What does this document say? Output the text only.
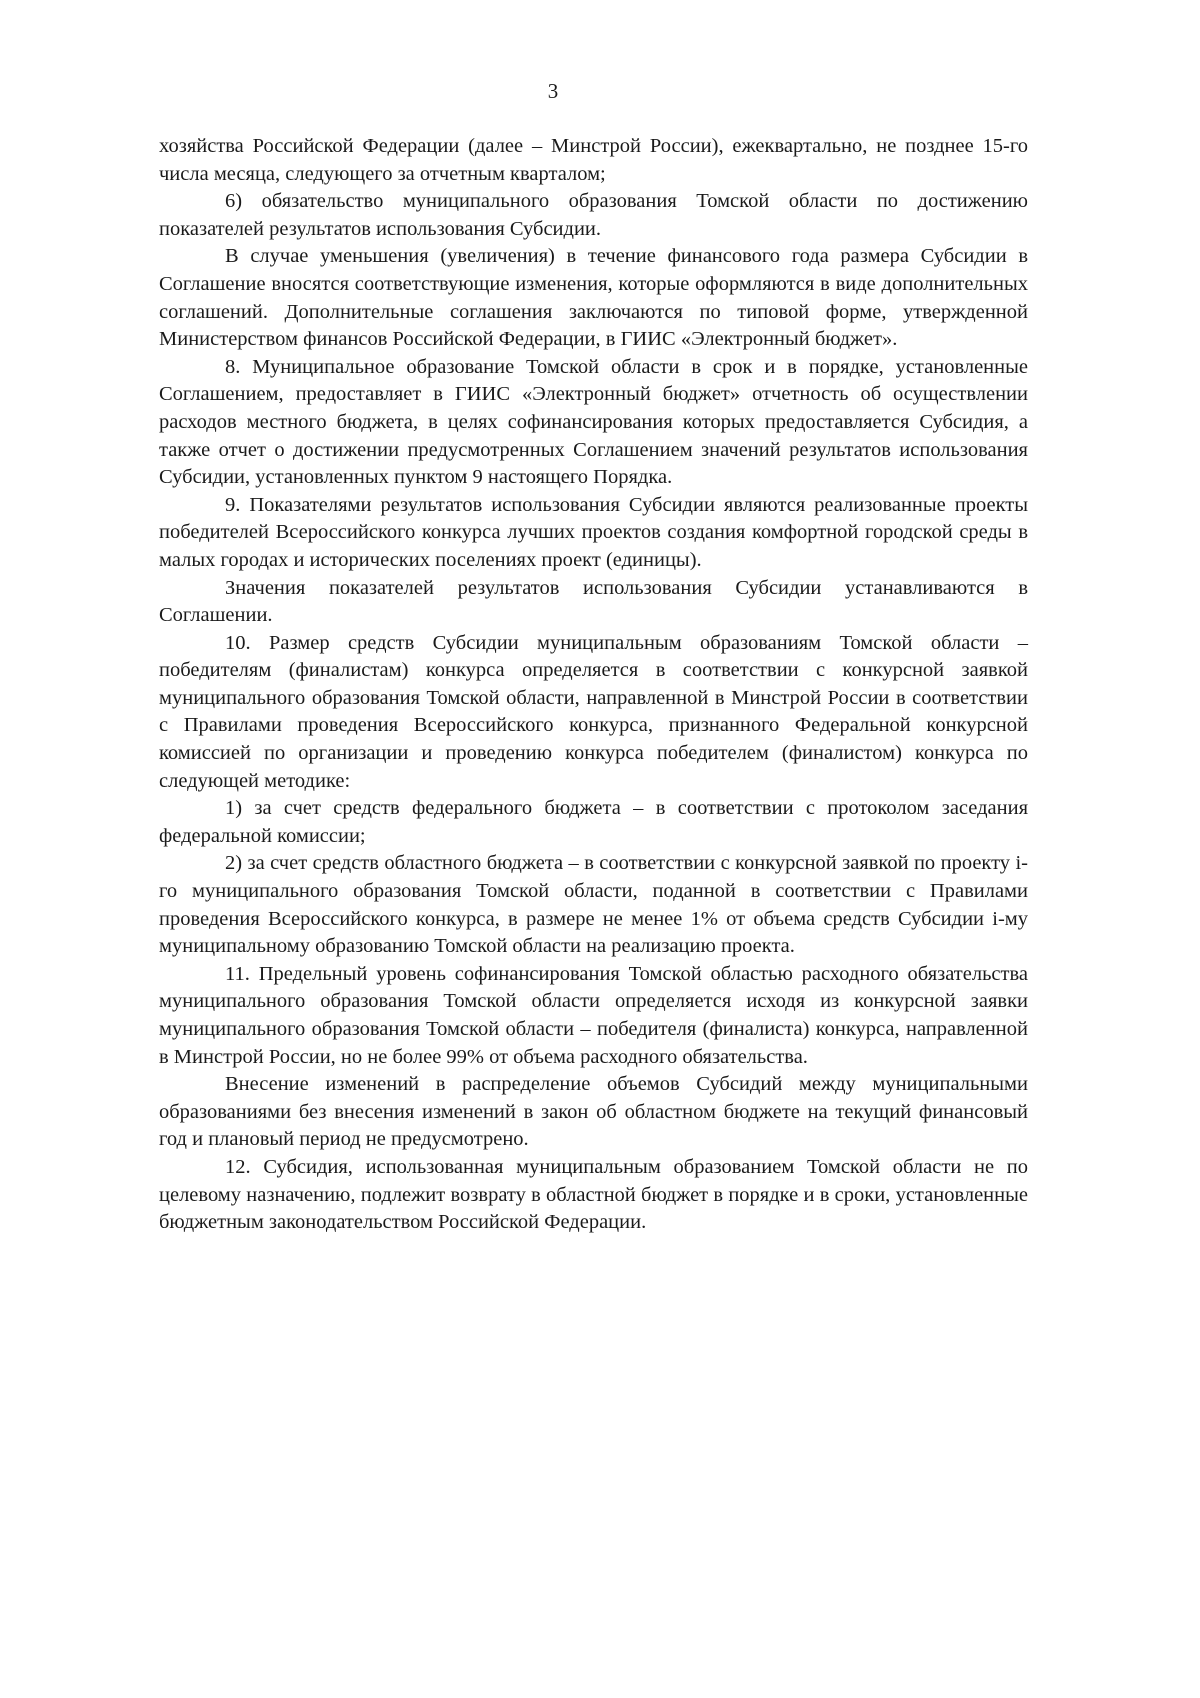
3

хозяйства Российской Федерации (далее – Минстрой России), ежеквартально, не позднее 15-го числа месяца, следующего за отчетным кварталом;

6) обязательство муниципального образования Томской области по достижению показателей результатов использования Субсидии.

В случае уменьшения (увеличения) в течение финансового года размера Субсидии в Соглашение вносятся соответствующие изменения, которые оформляются в виде дополнительных соглашений. Дополнительные соглашения заключаются по типовой форме, утвержденной Министерством финансов Российской Федерации, в ГИИС «Электронный бюджет».

8. Муниципальное образование Томской области в срок и в порядке, установленные Соглашением, предоставляет в ГИИС «Электронный бюджет» отчетность об осуществлении расходов местного бюджета, в целях софинансирования которых предоставляется Субсидия, а также отчет о достижении предусмотренных Соглашением значений результатов использования Субсидии, установленных пунктом 9 настоящего Порядка.

9. Показателями результатов использования Субсидии являются реализованные проекты победителей Всероссийского конкурса лучших проектов создания комфортной городской среды в малых городах и исторических поселениях проект (единицы).

Значения показателей результатов использования Субсидии устанавливаются в Соглашении.

10. Размер средств Субсидии муниципальным образованиям Томской области – победителям (финалистам) конкурса определяется в соответствии с конкурсной заявкой муниципального образования Томской области, направленной в Минстрой России в соответствии с Правилами проведения Всероссийского конкурса, признанного Федеральной конкурсной комиссией по организации и проведению конкурса победителем (финалистом) конкурса по следующей методике:

1) за счет средств федерального бюджета – в соответствии с протоколом заседания федеральной комиссии;

2) за счет средств областного бюджета – в соответствии с конкурсной заявкой по проекту i-го муниципального образования Томской области, поданной в соответствии с Правилами проведения Всероссийского конкурса, в размере не менее 1% от объема средств Субсидии i-му муниципальному образованию Томской области на реализацию проекта.

11. Предельный уровень софинансирования Томской областью расходного обязательства муниципального образования Томской области определяется исходя из конкурсной заявки муниципального образования Томской области – победителя (финалиста) конкурса, направленной в Минстрой России, но не более 99% от объема расходного обязательства.

Внесение изменений в распределение объемов Субсидий между муниципальными образованиями без внесения изменений в закон об областном бюджете на текущий финансовый год и плановый период не предусмотрено.

12. Субсидия, использованная муниципальным образованием Томской области не по целевому назначению, подлежит возврату в областной бюджет в порядке и в сроки, установленные бюджетным законодательством Российской Федерации.
